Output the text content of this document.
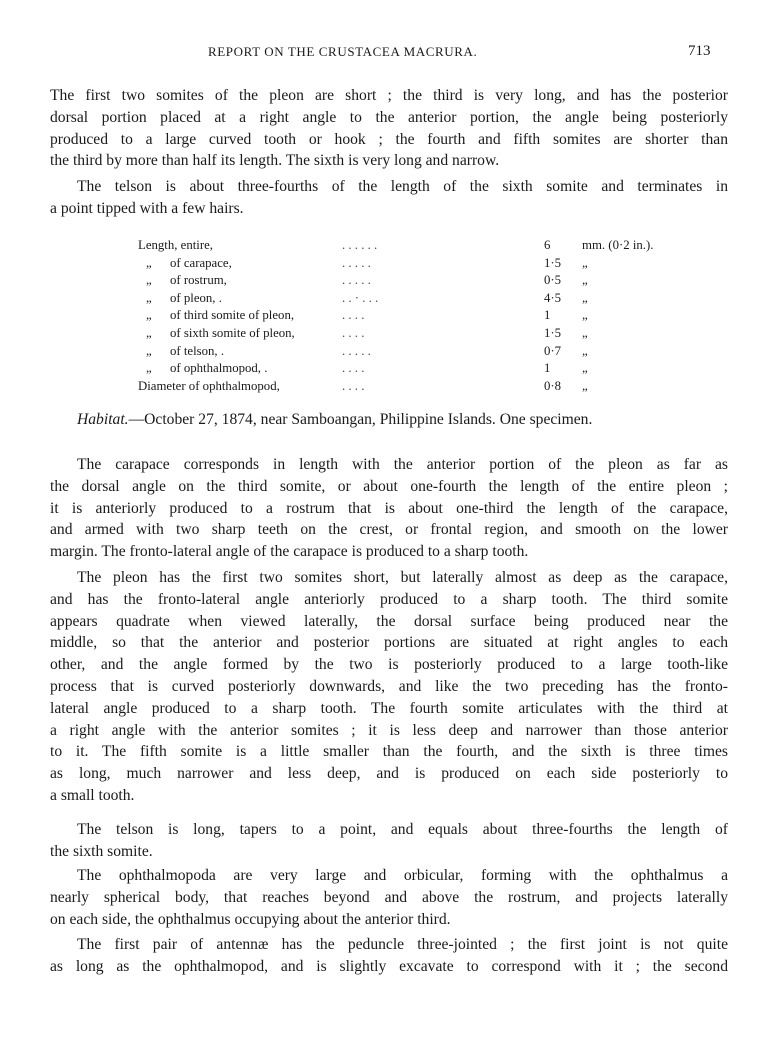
REPORT ON THE CRUSTACEA MACRURA.	713
The first two somites of the pleon are short ; the third is very long, and has the posterior
dorsal portion placed at a right angle to the anterior portion, the angle being posteriorly
produced to a large curved tooth or hook ; the fourth and fifth somites are shorter than
the third by more than half its length. The sixth is very long and narrow.
The telson is about three-fourths of the length of the sixth somite and terminates in
a point tipped with a few hairs.
Length, entire,		. . . . . .	6	mm. (0·2 in.).
„	of carapace,	. . . . .	1·5	„
„	of rostrum,	. . . . .	0·5	„
„	of pleon, .	. . · . . .	4·5	„
„	of third somite of pleon,	. . . .	1	„
„	of sixth somite of pleon,	. . . .	1·5	„
„	of telson, .	. . . . .	0·7	„
„	of ophthalmopod, .	. . . .	1	„
Diameter of ophthalmopod,		. . . .	0·8	„
Habitat.—October 27, 1874, near Samboangan, Philippine Islands. One specimen.
The carapace corresponds in length with the anterior portion of the pleon as far as
the dorsal angle on the third somite, or about one-fourth the length of the entire pleon ;
it is anteriorly produced to a rostrum that is about one-third the length of the carapace,
and armed with two sharp teeth on the crest, or frontal region, and smooth on the lower
margin. The fronto-lateral angle of the carapace is produced to a sharp tooth.
The pleon has the first two somites short, but laterally almost as deep as the carapace,
and has the fronto-lateral angle anteriorly produced to a sharp tooth. The third somite
appears quadrate when viewed laterally, the dorsal surface being produced near the
middle, so that the anterior and posterior portions are situated at right angles to each
other, and the angle formed by the two is posteriorly produced to a large tooth-like
process that is curved posteriorly downwards, and like the two preceding has the fronto-
lateral angle produced to a sharp tooth. The fourth somite articulates with the third at
a right angle with the anterior somites ; it is less deep and narrower than those anterior
to it. The fifth somite is a little smaller than the fourth, and the sixth is three times
as long, much narrower and less deep, and is produced on each side posteriorly to
a small tooth.
The telson is long, tapers to a point, and equals about three-fourths the length of
the sixth somite.
The ophthalmopoda are very large and orbicular, forming with the ophthalmus a
nearly spherical body, that reaches beyond and above the rostrum, and projects laterally
on each side, the ophthalmus occupying about the anterior third.
The first pair of antennæ has the peduncle three-jointed ; the first joint is not quite
as long as the ophthalmopod, and is slightly excavate to correspond with it ; the second
